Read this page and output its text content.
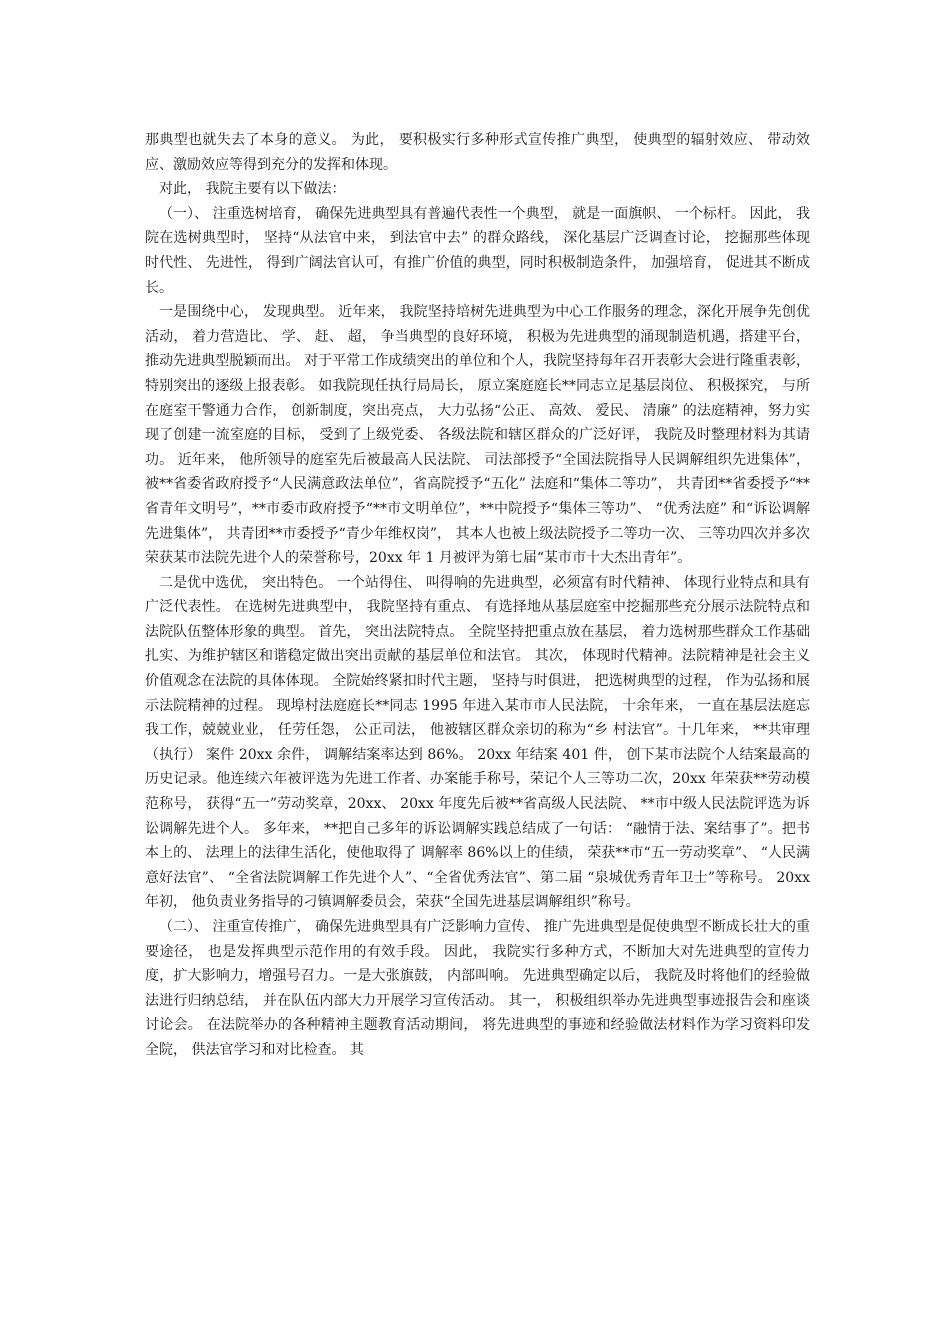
那典型也就失去了本身的意义。 为此， 要积极实行多种形式宣传推广典型， 使典型的辐射效应、 带动效应、激励效应等得到充分的发挥和体现。

对此， 我院主要有以下做法：

（一）、 注重选树培育， 确保先进典型具有普遍代表性一个典型， 就是一面旗帜、 一个标杆。 因此， 我院在选树典型时， 坚持“从法官中来， 到法官中去” 的群众路线， 深化基层广泛调查讨论， 挖掘那些体现时代性、 先进性， 得到广阔法官认可，有推广价值的典型，同时积极制造条件， 加强培育， 促进其不断成长。

一是围绕中心， 发现典型。 近年来， 我院坚持培树先进典型为中心工作服务的理念，深化开展争先创优活动， 着力营造比、 学、 赶、 超， 争当典型的良好环境， 积极为先进典型的涌现制造机遇，搭建平台， 推动先进典型脱颖而出。 对于平常工作成绩突出的单位和个人，我院坚持每年召开表彰大会进行隆重表彰， 特别突出的逐级上报表彰。 如我院现任执行局局长， 原立案庭庭长**同志立足基层岗位、 积极探究， 与所在庭室干警通力合作， 创新制度，突出亮点， 大力弘扬“公正、 高效、 爱民、 清廉” 的法庭精神，努力实现了创建一流室庭的目标， 受到了上级党委、 各级法院和辖区群众的广泛好评， 我院及时整理材料为其请功。 近年来， 他所领导的庭室先后被最高人民法院、 司法部授予“全国法院指导人民调解组织先进集体”， 被**省委省政府授予“人民满意政法单位”，省高院授予“五化” 法庭和“集体二等功”， 共青团**省委授予“**省青年文明号”，**市委市政府授予“**市文明单位”，**中院授予“集体三等功”、 “优秀法庭” 和“诉讼调解先进集体”， 共青团**市委授予“青少年维权岗”， 其本人也被上级法院授予二等功一次、 三等功四次并多次荣获某市法院先进个人的荣誉称号，20xx 年 1 月被评为第七届“某市市十大杰出青年”。

二是优中选优， 突出特色。 一个站得住、 叫得响的先进典型，必须富有时代精神、 体现行业特点和具有广泛代表性。 在选树先进典型中， 我院坚持有重点、 有选择地从基层庭室中挖掘那些充分展示法院特点和法院队伍整体形象的典型。 首先， 突出法院特点。 全院坚持把重点放在基层， 着力选树那些群众工作基础扎实、为维护辖区和谐稳定做出突出贡献的基层单位和法官。 其次， 体现时代精神。法院精神是社会主义价值观念在法院的具体体现。 全院始终紧扣时代主题， 坚持与时俱进， 把选树典型的过程， 作为弘扬和展示法院精神的过程。 现埠村法庭庭长**同志 1995 年进入某市市人民法院， 十余年来， 一直在基层法庭忘我工作，兢兢业业， 任劳任怨， 公正司法， 他被辖区群众亲切的称为“乡 村法官”。十几年来， **共审理（执行） 案件 20xx 余件， 调解结案率达到 86%。 20xx 年结案 401 件， 创下某市法院个人结案最高的历史记录。他连续六年被评选为先进工作者、办案能手称号，荣记个人三等功二次，20xx 年荣获**劳动模范称号， 获得“五一”劳动奖章，20xx、 20xx 年度先后被**省高级人民法院、 **市中级人民法院评选为诉讼调解先进个人。 多年来， **把自己多年的诉讼调解实践总结成了一句话： “融情于法、案结事了”。把书本上的、 法理上的法律生活化，使他取得了 调解率 86%以上的佳绩， 荣获**市“五一劳动奖章”、 “人民满意好法官”、 “全省法院调解工作先进个人”、“全省优秀法官”、第二届 “泉城优秀青年卫士”等称号。 20xx 年初， 他负责业务指导的刁镇调解委员会，荣获“全国先进基层调解组织”称号。

（二）、 注重宣传推广， 确保先进典型具有广泛影响力宣传、 推广先进典型是促使典型不断成长壮大的重要途径， 也是发挥典型示范作用的有效手段。 因此， 我院实行多种方式，不断加大对先进典型的宣传力度，扩大影响力，增强号召力。一是大张旗鼓， 内部叫响。 先进典型确定以后， 我院及时将他们的经验做法进行归纳总结， 并在队伍内部大力开展学习宣传活动。 其一， 积极组织举办先进典型事迹报告会和座谈讨论会。 在法院举办的各种精神主题教育活动期间， 将先进典型的事迹和经验做法材料作为学习资料印发全院， 供法官学习和对比检查。 其
